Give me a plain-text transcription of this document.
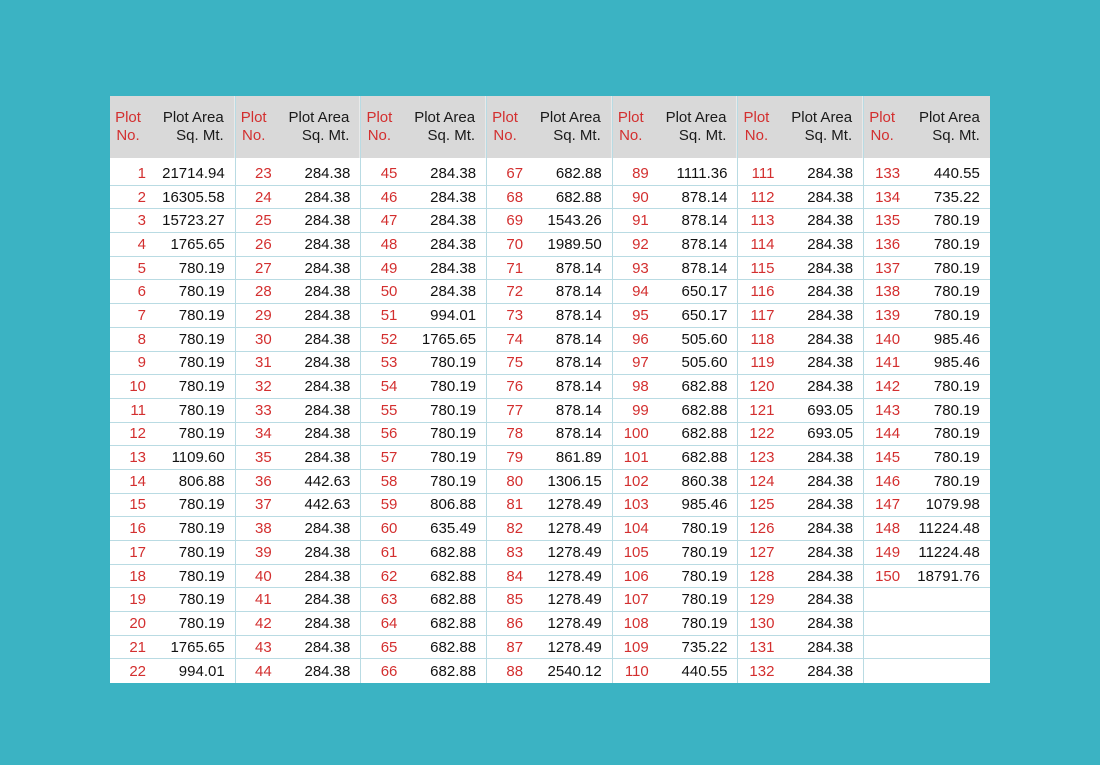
Plot
No.
Plot Area
Sq. Mt.
1	21714.94
2	16305.58
3	15723.27
4	1765.65
5	780.19
6	780.19
7	780.19
8	780.19
9	780.19
10	780.19
11	780.19
12	780.19
13	1109.60
14	806.88
15	780.19
16	780.19
17	780.19
18	780.19
19	780.19
20	780.19
21	1765.65
22	994.01
Plot
No.
Plot Area
Sq. Mt.
23	284.38
24	284.38
25	284.38
26	284.38
27	284.38
28	284.38
29	284.38
30	284.38
31	284.38
32	284.38
33	284.38
34	284.38
35	284.38
36	442.63
37	442.63
38	284.38
39	284.38
40	284.38
41	284.38
42	284.38
43	284.38
44	284.38
Plot
No.
Plot Area
Sq. Mt.
45	284.38
46	284.38
47	284.38
48	284.38
49	284.38
50	284.38
51	994.01
52	1765.65
53	780.19
54	780.19
55	780.19
56	780.19
57	780.19
58	780.19
59	806.88
60	635.49
61	682.88
62	682.88
63	682.88
64	682.88
65	682.88
66	682.88
Plot
No.
Plot Area
Sq. Mt.
67	682.88
68	682.88
69	1543.26
70	1989.50
71	878.14
72	878.14
73	878.14
74	878.14
75	878.14
76	878.14
77	878.14
78	878.14
79	861.89
80	1306.15
81	1278.49
82	1278.49
83	1278.49
84	1278.49
85	1278.49
86	1278.49
87	1278.49
88	2540.12
Plot
No.
Plot Area
Sq. Mt.
89	1111.36
90	878.14
91	878.14
92	878.14
93	878.14
94	650.17
95	650.17
96	505.60
97	505.60
98	682.88
99	682.88
100	682.88
101	682.88
102	860.38
103	985.46
104	780.19
105	780.19
106	780.19
107	780.19
108	780.19
109	735.22
110	440.55
Plot
No.
Plot Area
Sq. Mt.
111	284.38
112	284.38
113	284.38
114	284.38
115	284.38
116	284.38
117	284.38
118	284.38
119	284.38
120	284.38
121	693.05
122	693.05
123	284.38
124	284.38
125	284.38
126	284.38
127	284.38
128	284.38
129	284.38
130	284.38
131	284.38
132	284.38
Plot
No.
Plot Area
Sq. Mt.
133	440.55
134	735.22
135	780.19
136	780.19
137	780.19
138	780.19
139	780.19
140	985.46
141	985.46
142	780.19
143	780.19
144	780.19
145	780.19
146	780.19
147	1079.98
148	11224.48
149	11224.48
150	18791.76
